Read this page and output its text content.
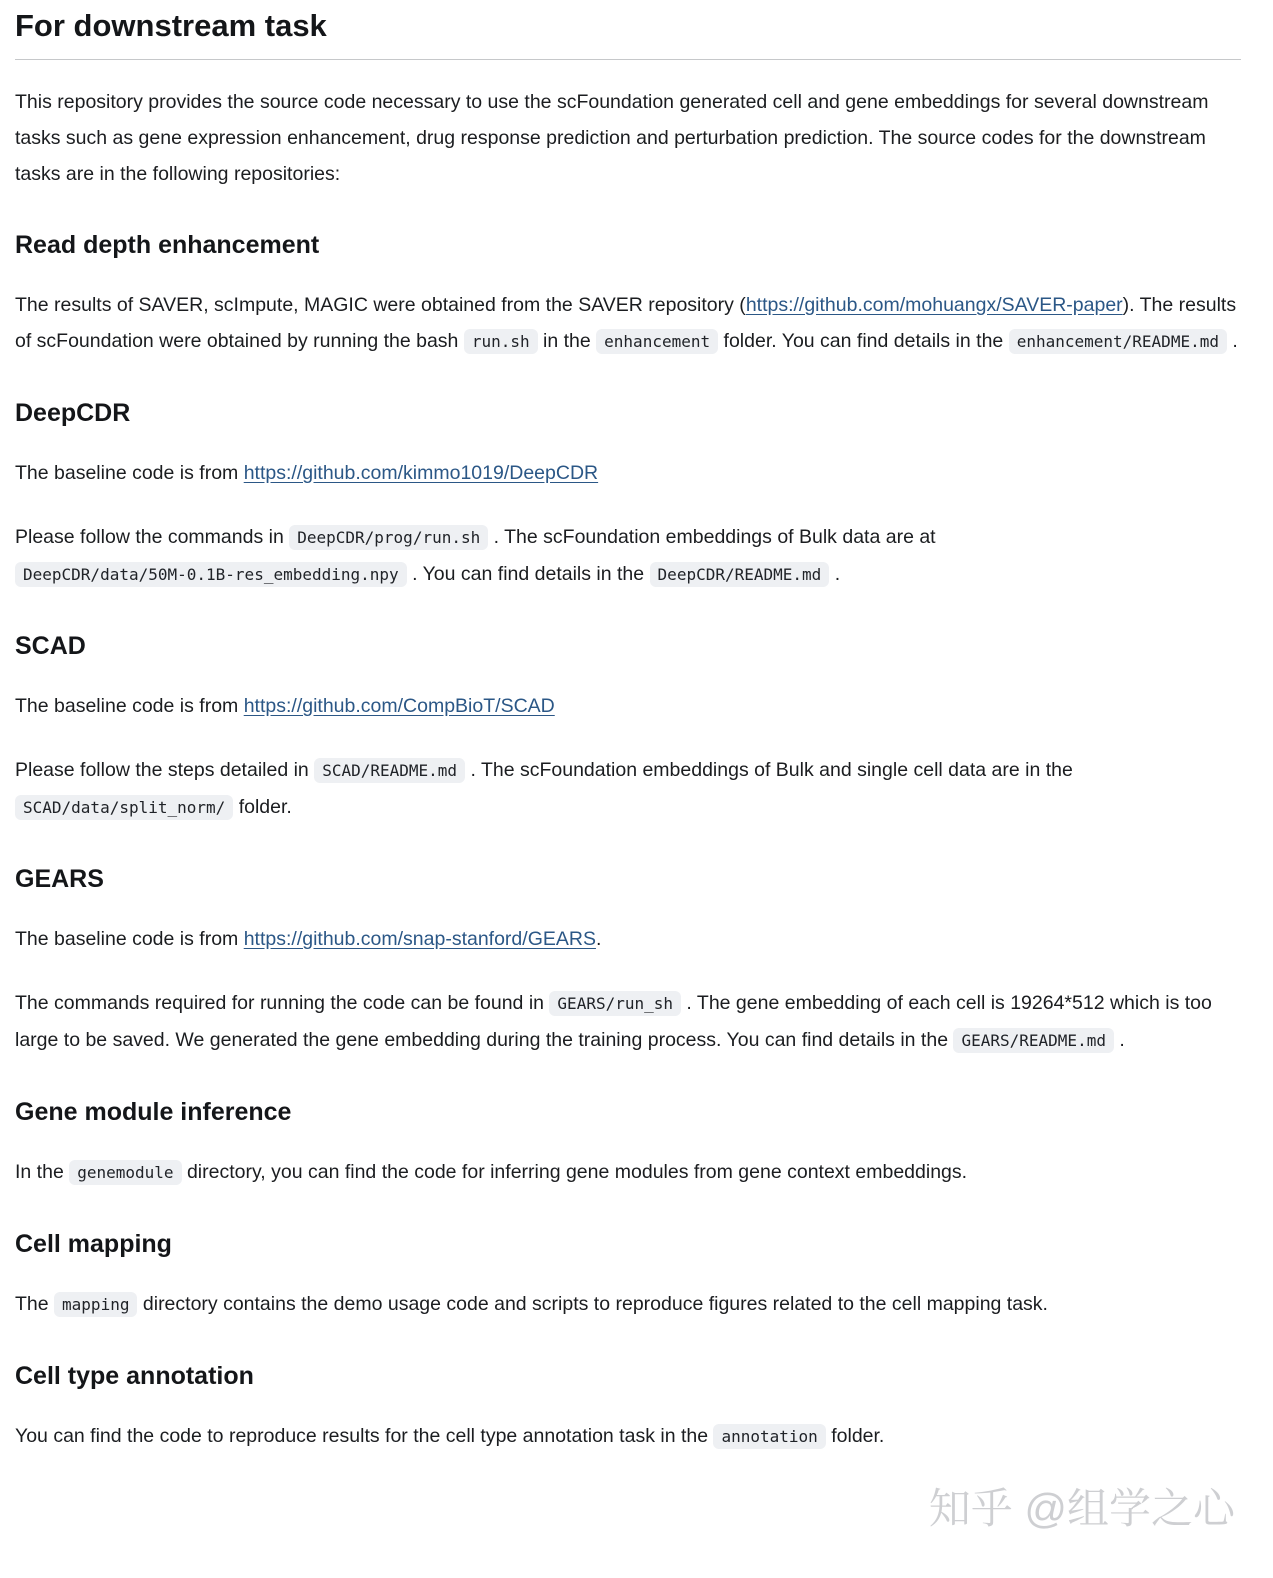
For downstream task

This repository provides the source code necessary to use the scFoundation generated cell and gene embeddings for several downstream tasks such as gene expression enhancement, drug response prediction and perturbation prediction. The source codes for the downstream tasks are in the following repositories:

Read depth enhancement

The results of SAVER, scImpute, MAGIC were obtained from the SAVER repository (https://github.com/mohuangx/SAVER-paper). The results of scFoundation were obtained by running the bash run.sh in the enhancement folder. You can find details in the enhancement/README.md .

DeepCDR

The baseline code is from https://github.com/kimmo1019/DeepCDR

Please follow the commands in DeepCDR/prog/run.sh . The scFoundation embeddings of Bulk data are at DeepCDR/data/50M-0.1B-res_embedding.npy . You can find details in the DeepCDR/README.md .

SCAD

The baseline code is from https://github.com/CompBioT/SCAD

Please follow the steps detailed in SCAD/README.md . The scFoundation embeddings of Bulk and single cell data are in the SCAD/data/split_norm/ folder.

GEARS

The baseline code is from https://github.com/snap-stanford/GEARS.

The commands required for running the code can be found in GEARS/run_sh . The gene embedding of each cell is 19264*512 which is too large to be saved. We generated the gene embedding during the training process. You can find details in the GEARS/README.md .

Gene module inference

In the genemodule directory, you can find the code for inferring gene modules from gene context embeddings.

Cell mapping

The mapping directory contains the demo usage code and scripts to reproduce figures related to the cell mapping task.

Cell type annotation

You can find the code to reproduce results for the cell type annotation task in the annotation folder.

知乎 @组学之心
